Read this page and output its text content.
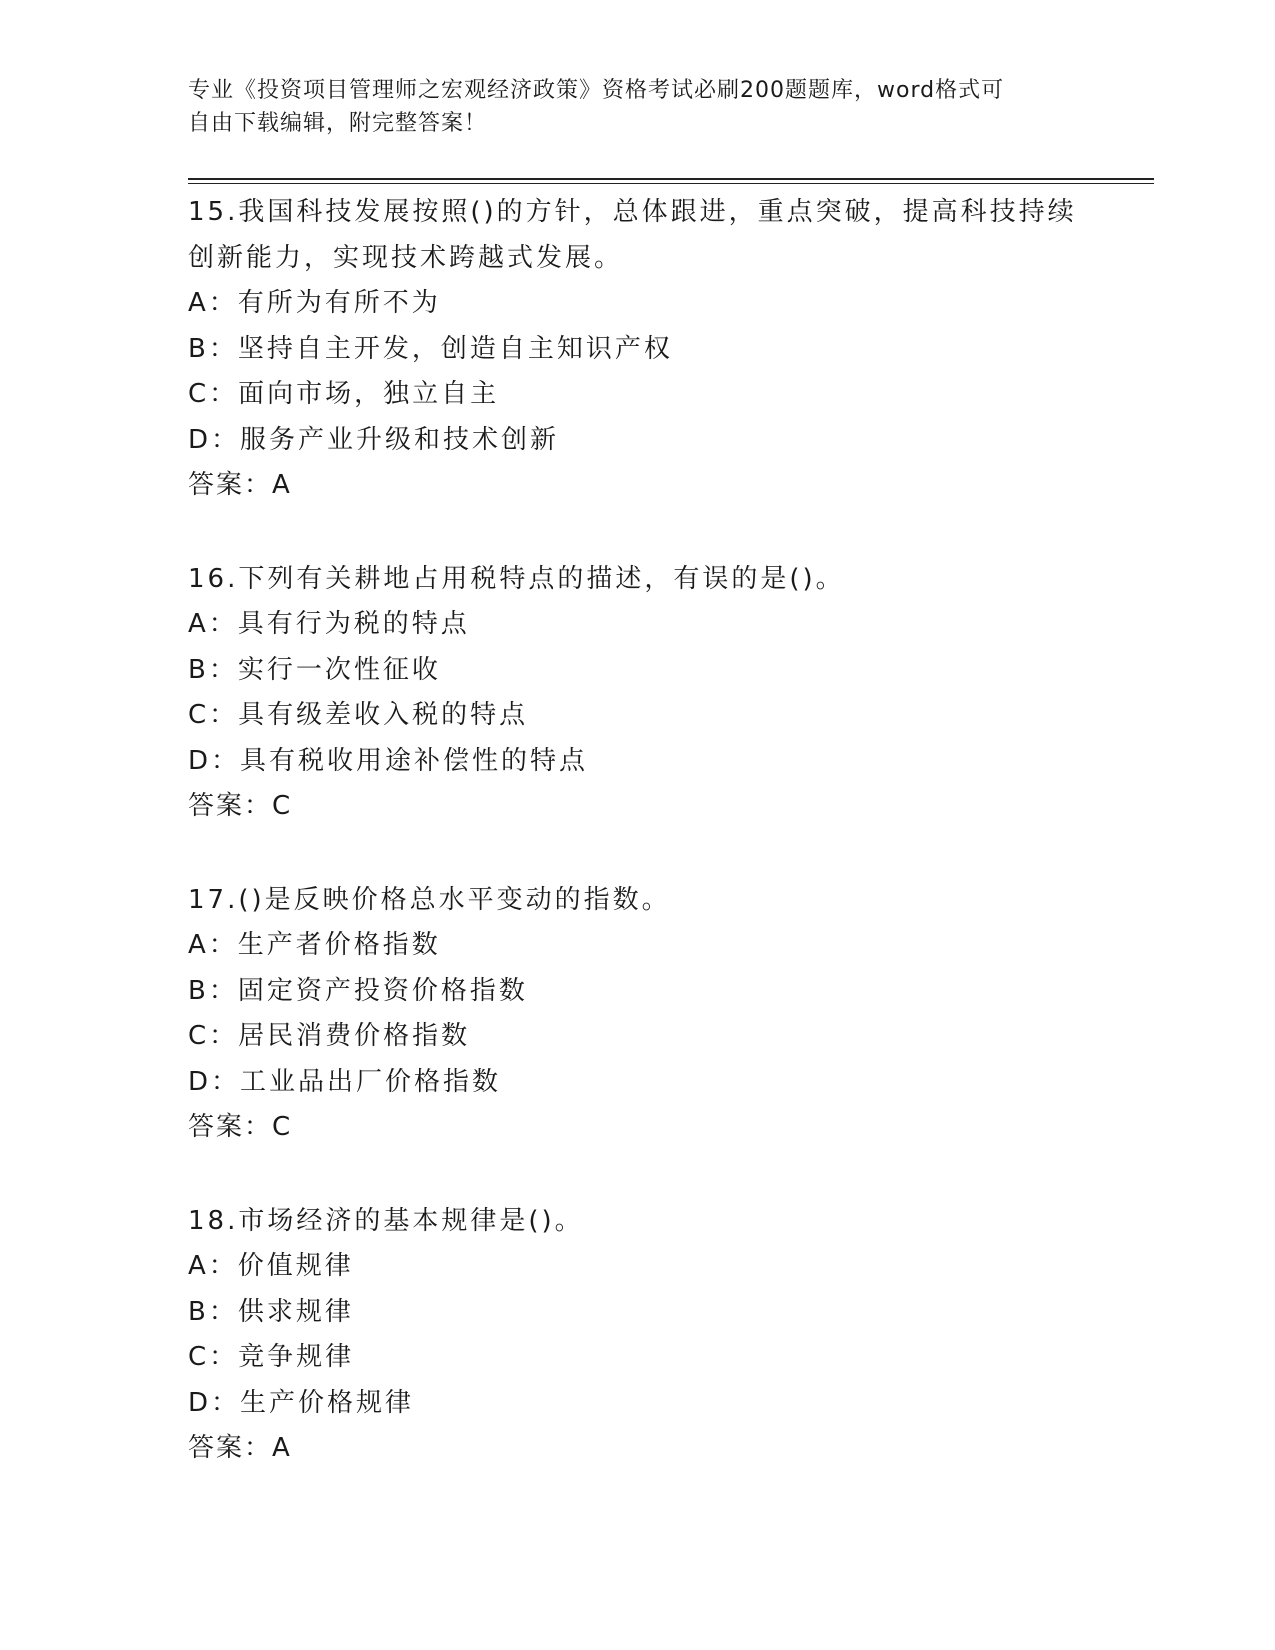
专业《投资项目管理师之宏观经济政策》资格考试必刷200题题库，word格式可
自由下载编辑，附完整答案！
15.我国科技发展按照()的方针，总体跟进，重点突破，提高科技持续
创新能力，实现技术跨越式发展。
A：有所为有所不为
B：坚持自主开发，创造自主知识产权
C：面向市场，独立自主
D：服务产业升级和技术创新
答案：A
16.下列有关耕地占用税特点的描述，有误的是()。
A：具有行为税的特点
B：实行一次性征收
C：具有级差收入税的特点
D：具有税收用途补偿性的特点
答案：C
17.()是反映价格总水平变动的指数。
A：生产者价格指数
B：固定资产投资价格指数
C：居民消费价格指数
D：工业品出厂价格指数
答案：C
18.市场经济的基本规律是()。
A：价值规律
B：供求规律
C：竞争规律
D：生产价格规律
答案：A
